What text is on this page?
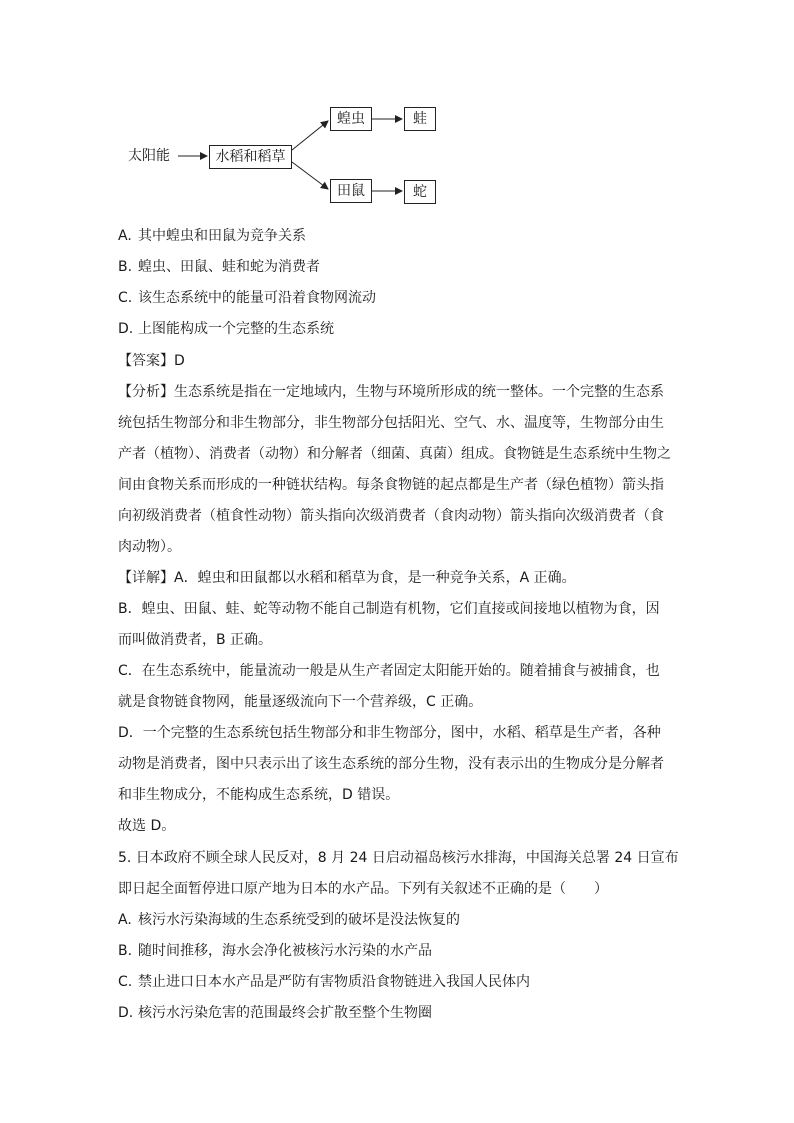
太阳能	水稻和稻草
蝗虫	蛙
田鼠	蛇
A. 其中蝗虫和田鼠为竞争关系
B. 蝗虫、田鼠、蛙和蛇为消费者
C. 该生态系统中的能量可沿着食物网流动
D. 上图能构成一个完整的生态系统
【答案】D
【分析】生态系统是指在一定地域内，生物与环境所形成的统一整体。一个完整的生态系
统包括生物部分和非生物部分，非生物部分包括阳光、空气、水、温度等，生物部分由生
产者（植物）、消费者（动物）和分解者（细菌、真菌）组成。食物链是生态系统中生物之
间由食物关系而形成的一种链状结构。每条食物链的起点都是生产者（绿色植物）箭头指
向初级消费者（植食性动物）箭头指向次级消费者（食肉动物）箭头指向次级消费者（食
肉动物）。
【详解】A．蝗虫和田鼠都以水稻和稻草为食，是一种竞争关系，A 正确。
B．蝗虫、田鼠、蛙、蛇等动物不能自己制造有机物，它们直接或间接地以植物为食，因
而叫做消费者，B 正确。
C．在生态系统中，能量流动一般是从生产者固定太阳能开始的。随着捕食与被捕食，也
就是食物链食物网，能量逐级流向下一个营养级，C 正确。
D．一个完整的生态系统包括生物部分和非生物部分，图中，水稻、稻草是生产者，各种
动物是消费者，图中只表示出了该生态系统的部分生物，没有表示出的生物成分是分解者
和非生物成分，不能构成生态系统，D 错误。
故选 D。
5. 日本政府不顾全球人民反对，8 月 24 日启动福岛核污水排海，中国海关总署 24 日宣布
即日起全面暂停进口原产地为日本的水产品。下列有关叙述不正确的是（　　）
A. 核污水污染海域的生态系统受到的破坏是没法恢复的
B. 随时间推移，海水会净化被核污水污染的水产品
C. 禁止进口日本水产品是严防有害物质沿食物链进入我国人民体内
D. 核污水污染危害的范围最终会扩散至整个生物圈
